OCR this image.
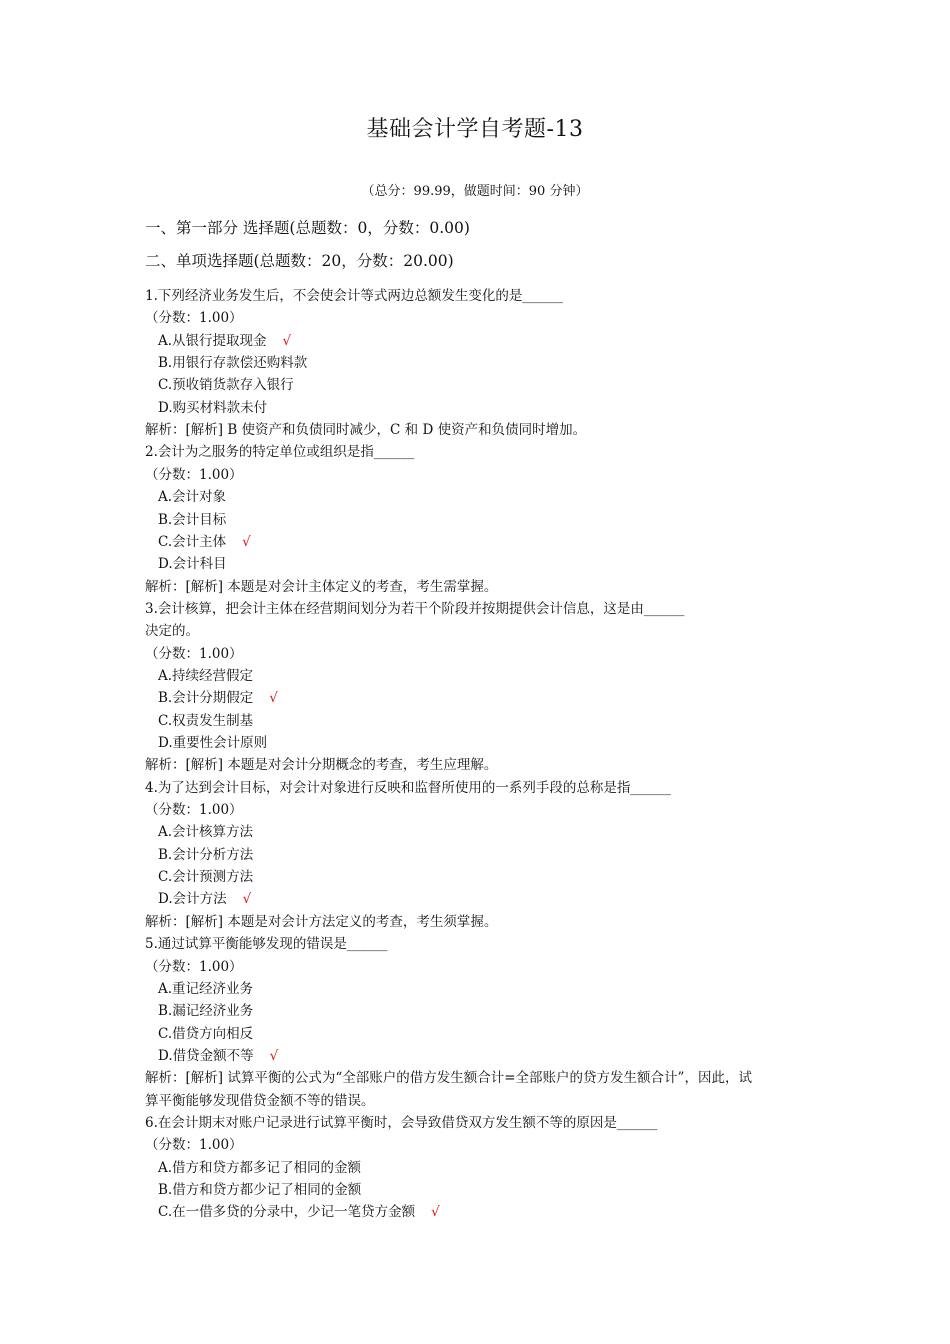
基础会计学自考题-13
（总分：99.99，做题时间：90 分钟）
一、第一部分 选择题(总题数：0，分数：0.00)
二、单项选择题(总题数：20，分数：20.00)
1.下列经济业务发生后，不会使会计等式两边总额发生变化的是______
（分数：1.00）
A.从银行提取现金 √
B.用银行存款偿还购料款
C.预收销货款存入银行
D.购买材料款未付
解析：[解析] B 使资产和负债同时减少，C 和 D 使资产和负债同时增加。
2.会计为之服务的特定单位或组织是指______
（分数：1.00）
A.会计对象
B.会计目标
C.会计主体 √
D.会计科目
解析：[解析] 本题是对会计主体定义的考查，考生需掌握。
3.会计核算，把会计主体在经营期间划分为若干个阶段并按期提供会计信息，这是由______
决定的。
（分数：1.00）
A.持续经营假定
B.会计分期假定 √
C.权责发生制基
D.重要性会计原则
解析：[解析] 本题是对会计分期概念的考查，考生应理解。
4.为了达到会计目标，对会计对象进行反映和监督所使用的一系列手段的总称是指______
（分数：1.00）
A.会计核算方法
B.会计分析方法
C.会计预测方法
D.会计方法 √
解析：[解析] 本题是对会计方法定义的考查，考生须掌握。
5.通过试算平衡能够发现的错误是______
（分数：1.00）
A.重记经济业务
B.漏记经济业务
C.借贷方向相反
D.借贷金额不等 √
解析：[解析] 试算平衡的公式为“全部账户的借方发生额合计=全部账户的贷方发生额合计”，因此，试
算平衡能够发现借贷金额不等的错误。
6.在会计期末对账户记录进行试算平衡时，会导致借贷双方发生额不等的原因是______
（分数：1.00）
A.借方和贷方都多记了相同的金额
B.借方和贷方都少记了相同的金额
C.在一借多贷的分录中，少记一笔贷方金额 √
